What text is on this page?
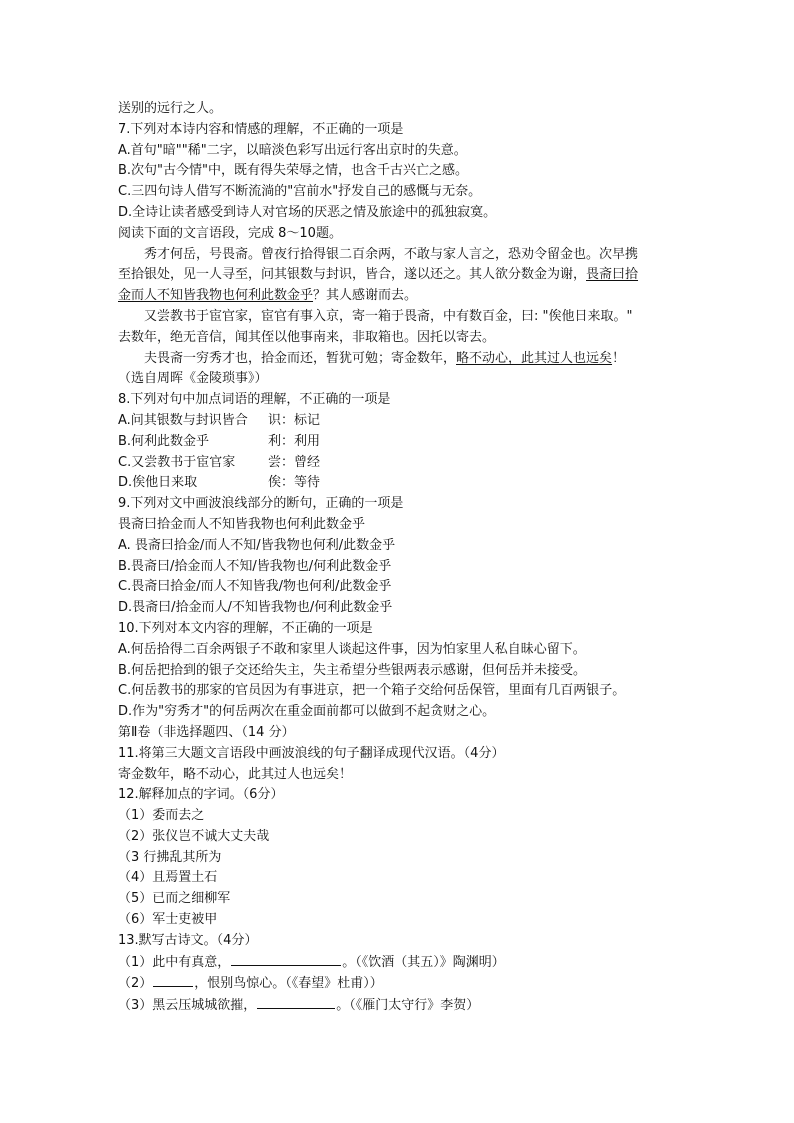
送别的远行之人。
7.下列对本诗内容和情感的理解，不正确的一项是
A.首句"暗""稀"二字，以暗淡色彩写出远行客出京时的失意。
B.次句"古今情"中，既有得失荣辱之情，也含千古兴亡之感。
C.三四句诗人借写不断流淌的"宫前水"抒发自己的感慨与无奈。
D.全诗让读者感受到诗人对官场的厌恶之情及旅途中的孤独寂寞。
阅读下面的文言语段，完成 8～10题。
秀才何岳，号畏斋。曾夜行拾得银二百余两，不敢与家人言之，恐劝令留金也。次早携
至拾银处，见一人寻至，问其银数与封识，皆合，遂以还之。其人欲分数金为谢，畏斋曰拾
金而人不知皆我物也何利此数金乎？其人感谢而去。
又尝教书于宦官家，宦官有事入京，寄一箱于畏斋，中有数百金，曰: "俟他日来取。"
去数年，绝无音信，闻其侄以他事南来，非取箱也。因托以寄去。
夫畏斋一穷秀才也，拾金而还，暂犹可勉；寄金数年，略不动心，此其过人也远矣！
（选自周晖《金陵琐事》）
8.下列对句中加点词语的理解，不正确的一项是
A.问其银数与封识皆合 识：标记
B.何利此数金乎	利：利用
C.又尝教书于宦官家	尝：曾经
D.俟他日来取	俟：等待
9.下列对文中画波浪线部分的断句，正确的一项是
畏斋曰拾金而人不知皆我物也何利此数金乎
A. 畏斋曰拾金/而人不知/皆我物也何利/此数金乎
B.畏斋曰/拾金而人不知/皆我物也/何利此数金乎
C.畏斋曰拾金/而人不知皆我/物也何利/此数金乎
D.畏斋曰/拾金而人/不知皆我物也/何利此数金乎
10.下列对本文内容的理解，不正确的一项是
A.何岳拾得二百余两银子不敢和家里人谈起这件事，因为怕家里人私自昧心留下。
B.何岳把拾到的银子交还给失主，失主希望分些银两表示感谢，但何岳并未接受。
C.何岳教书的那家的官员因为有事进京，把一个箱子交给何岳保管，里面有几百两银子。
D.作为"穷秀才"的何岳两次在重金面前都可以做到不起贪财之心。
第Ⅱ卷（非选择题四、（14 分）
11.将第三大题文言语段中画波浪线的句子翻译成现代汉语。（4分）
寄金数年，略不动心，此其过人也远矣！
12.解释加点的字词。（6分）
（1）委而去之
（2）张仪岂不诚大丈夫哉
（3 行拂乱其所为
（4）且焉置土石
（5）已而之细柳军
（6）军士吏被甲
13.默写古诗文。（4分）
（1）此中有真意，	。（《饮酒（其五）》陶渊明）
（2）	，恨别鸟惊心。（《春望》杜甫））
（3）黑云压城城欲摧，	。（《雁门太守行》李贺）
